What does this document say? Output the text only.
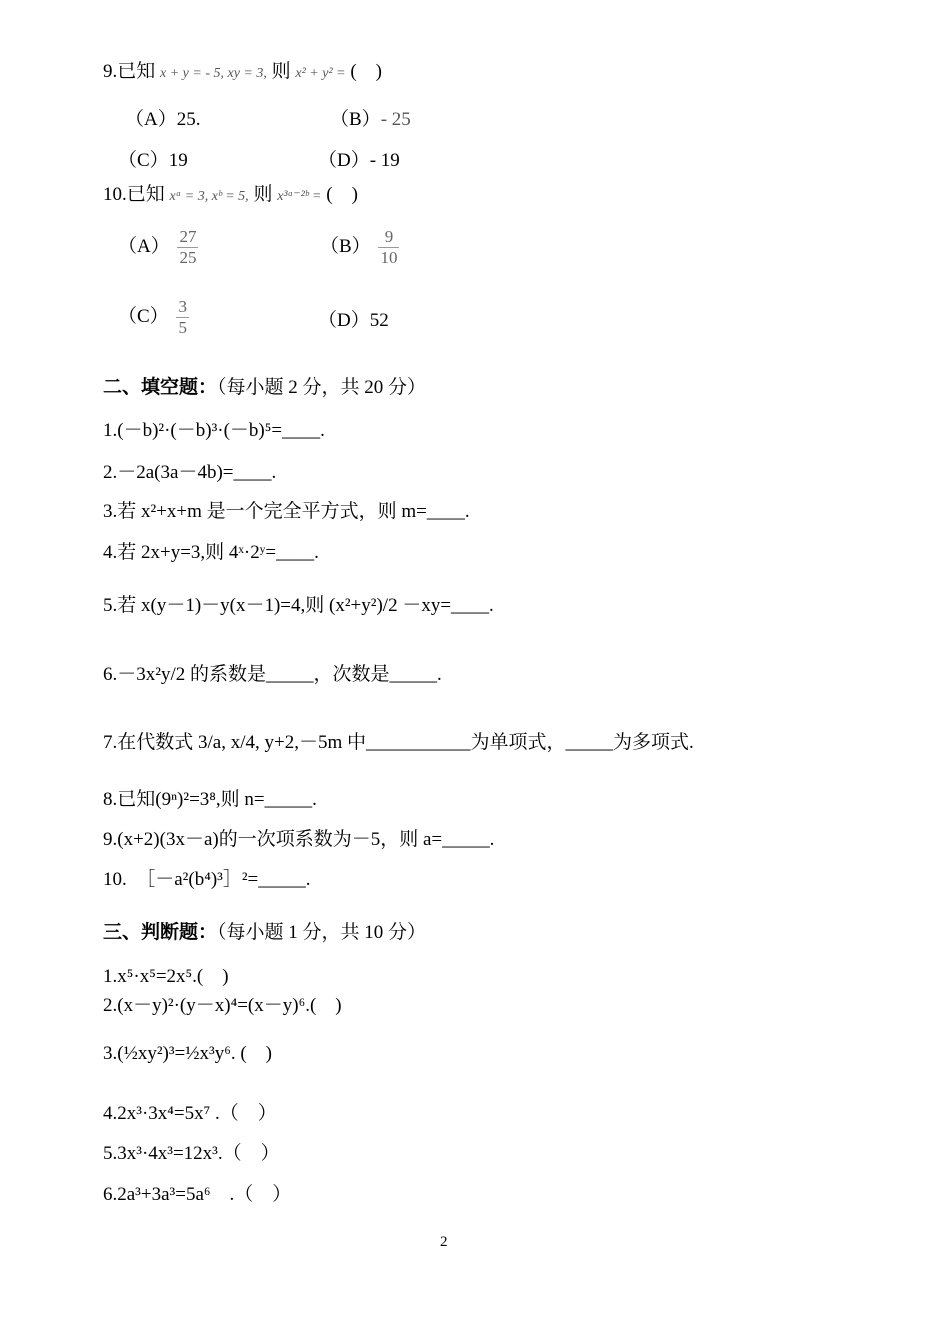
9.已知 x + y = - 5, xy = 3, 则 x² + y² = (　)
（A）25.	（B）- 25
（C）19	（D）- 19
10.已知 xᵃ = 3, xᵇ = 5, 则 x³ᵃ⁻²ᵇ = (　)
$(A) \frac{27}{25}$	$(B) \frac{9}{10}$
$(C) \frac{3}{5}$	（D）52
二、填空题：（每小题 2 分，共 20 分）
1.(－b)²·(－b)³·(－b)⁵=____.
2.－2a(3a－4b)=____.
3.若 x²+x+m 是一个完全平方式，则 m=____.
4.若 2x+y=3,则 4ˣ·2ʸ=____.
5.若 x(y－1)－y(x－1)=4,则 (x²+y²)/2 －xy=____.
6.－3x²y/2 的系数是_____，次数是_____.
7.在代数式 3/a, x/4, y+2,－5m 中___________为单项式，_____为多项式.
8.已知(9ⁿ)²=3⁸,则 n=_____.
9.(x+2)(3x－a)的一次项系数为－5，则 a=_____.
10. ［－a²(b⁴)³］²=_____.
三、判断题：（每小题 1 分，共 10 分）
1.x⁵·x⁵=2x⁵.(　)
2.(x－y)²·(y－x)⁴=(x－y)⁶.(　)
3.(½xy²)³=½x³y⁶. (　)
4.2x³·3x⁴=5x⁷ .（　）
5.3x³·4x³=12x³.（　）
6.2a³+3a³=5a⁶　.（　）
2
